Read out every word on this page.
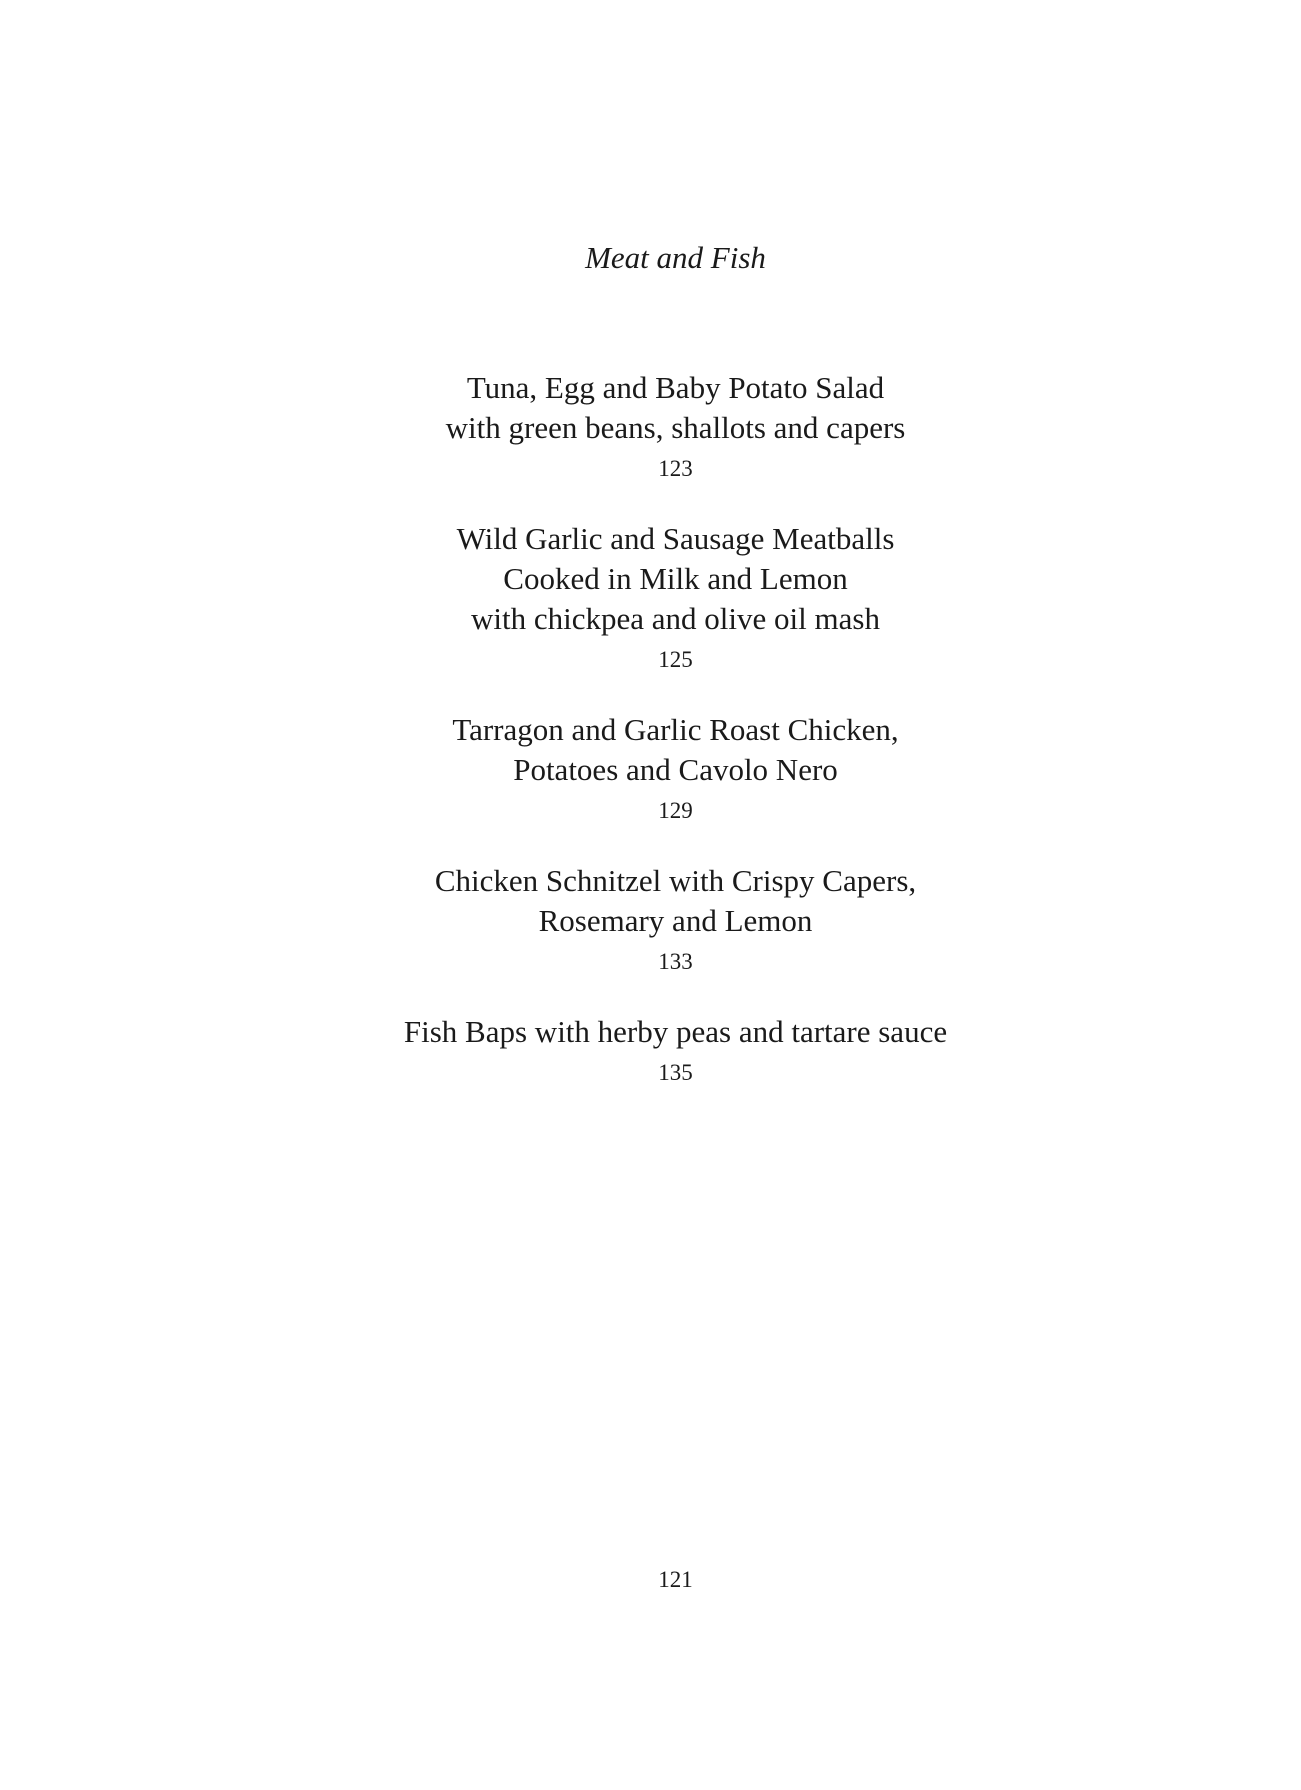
Meat and Fish
Tuna, Egg and Baby Potato Salad
with green beans, shallots and capers
123
Wild Garlic and Sausage Meatballs
Cooked in Milk and Lemon
with chickpea and olive oil mash
125
Tarragon and Garlic Roast Chicken,
Potatoes and Cavolo Nero
129
Chicken Schnitzel with Crispy Capers,
Rosemary and Lemon
133
Fish Baps with herby peas and tartare sauce
135
121
